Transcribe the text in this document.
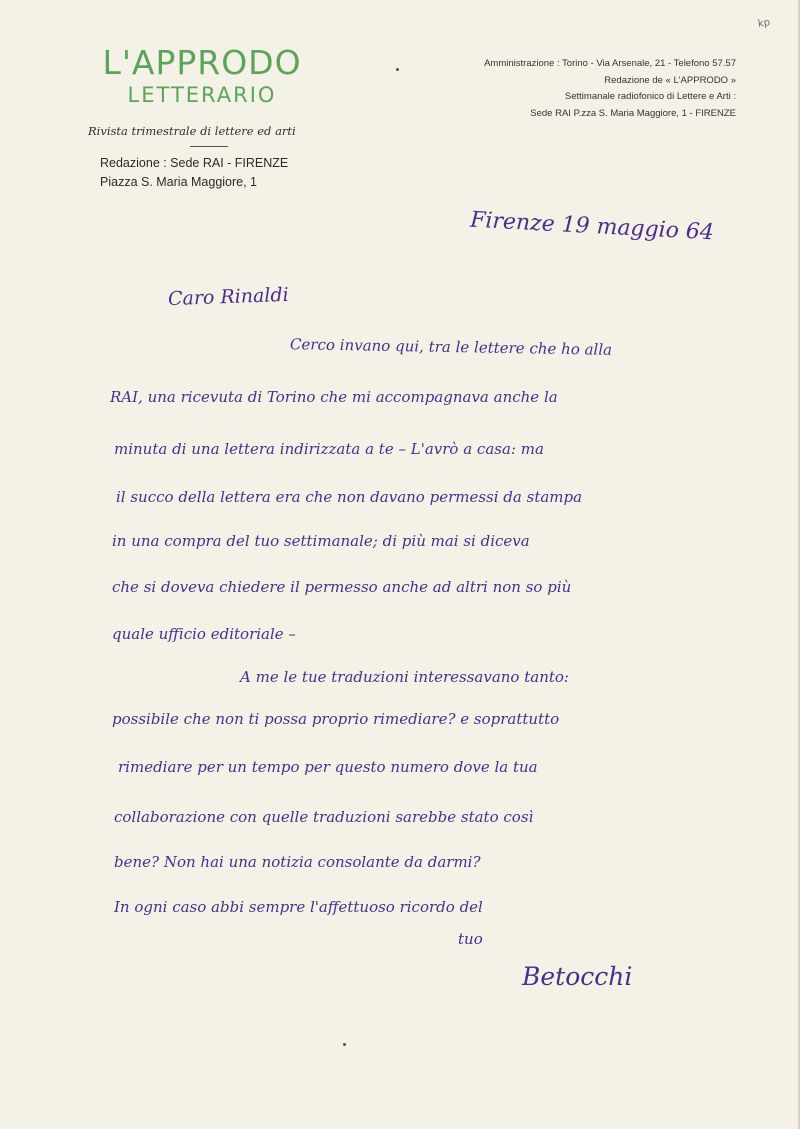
L'APPRODO
LETTERARIO
Rivista trimestrale di lettere ed arti
Redazione : Sede RAI - FIRENZE
Piazza S. Maria Maggiore, 1
Amministrazione : Torino - Via Arsenale, 21 - Telefono 57.57
Redazione de « L'APPRODO »
Settimanale radiofonico di Lettere e Arti :
Sede RAI P.zza S. Maria Maggiore, 1 - FIRENZE
kp
Firenze 19 maggio 64
Caro Rinaldi
Cerco invano qui, tra le lettere che ho alla
RAI, una ricevuta di Torino che mi accompagnava anche la
minuta di una lettera indirizzata a te – L'avrò a casa: ma
il succo della lettera era che non davano permessi da stampa
in una compra del tuo settimanale; di più mai si diceva
che si doveva chiedere il permesso anche ad altri non so più
quale ufficio editoriale –
A me le tue traduzioni interessavano tanto:
possibile che non ti possa proprio rimediare? e soprattutto
rimediare per un tempo per questo numero dove la tua
collaborazione con quelle traduzioni sarebbe stato così
bene? Non hai una notizia consolante da darmi?
In ogni caso abbi sempre l'affettuoso ricordo del
tuo
Betocchi
